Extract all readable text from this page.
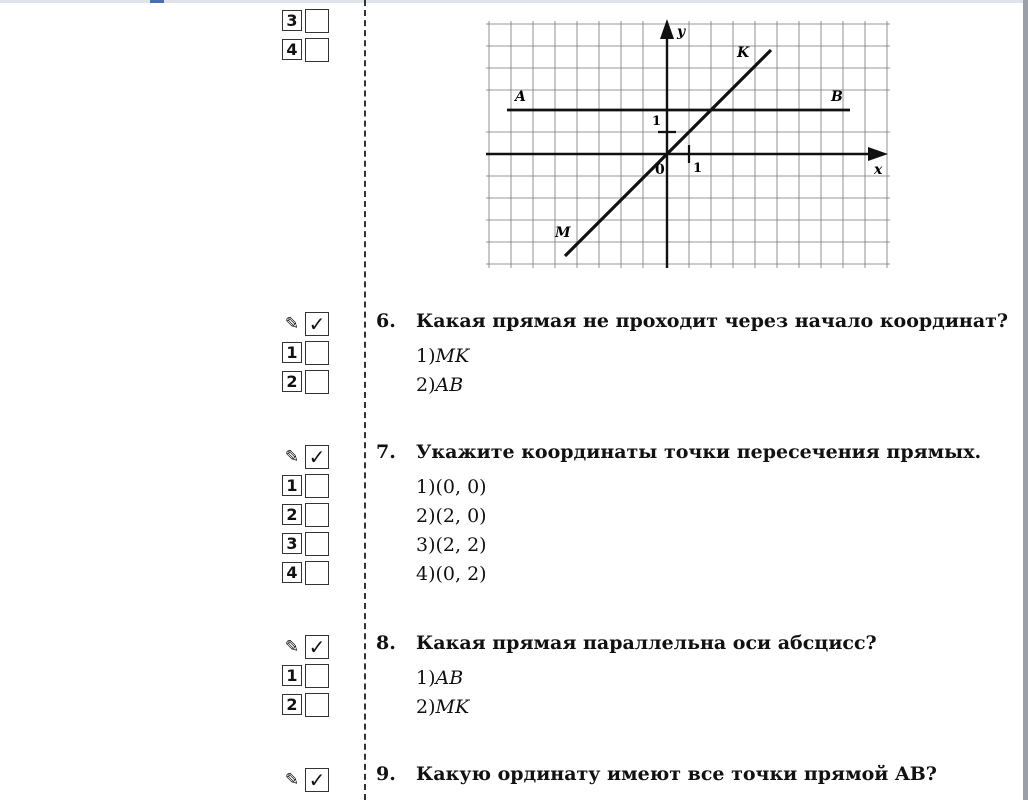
3
4
y
x
0 1
1
A	B
M
K
✎ ✓
1
2
6.	Какая прямая не проходит через начало координат?
1)MK
2)AB
✎ ✓
1
2
3
4
7.	Укажите координаты точки пересечения прямых.
1)(0, 0)
2)(2, 0)
3)(2, 2)
4)(0, 2)
✎ ✓
1
2
8.	Какая прямая параллельна оси абсцисс?
1)AB
2)MK
✎ ✓	9.	Какую ординату имеют все точки прямой AB?
